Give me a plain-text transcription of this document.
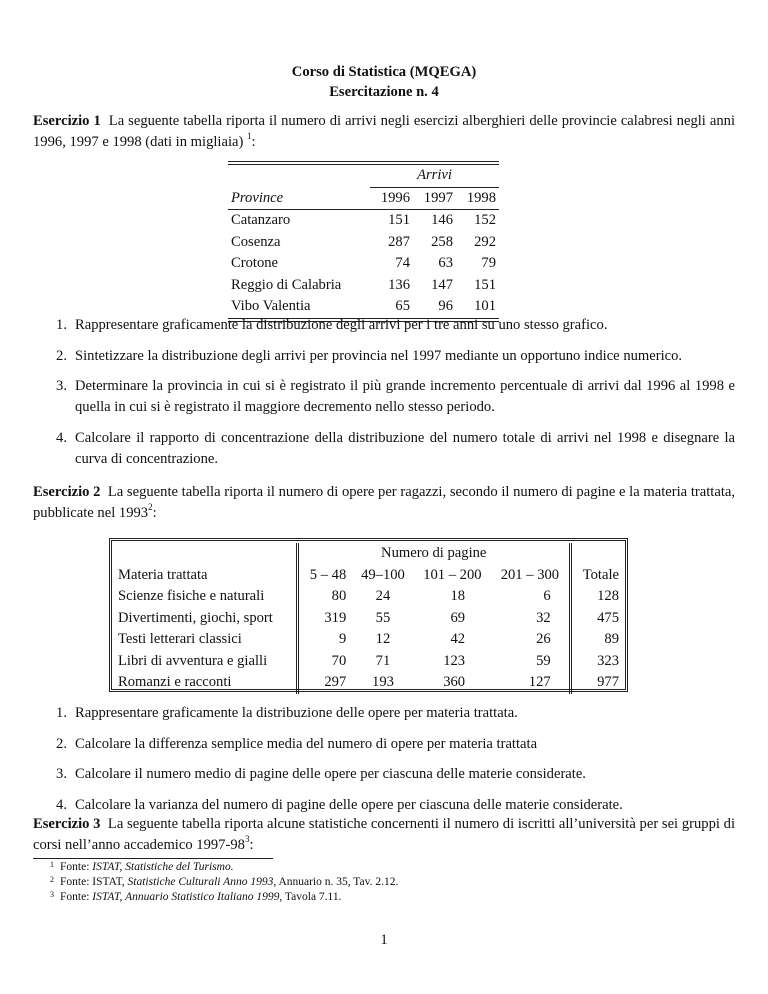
Corso di Statistica (MQEGA)
Esercitazione n. 4
Esercizio 1 La seguente tabella riporta il numero di arrivi negli esercizi alberghieri delle provincie calabresi negli anni 1996, 1997 e 1998 (dati in migliaia) $^1$:
	Arrivi		
Province	1996	1997	1998
Catanzaro	151	146	152
Cosenza	287	258	292
Crotone	74	63	79
Reggio di Calabria	136	147	151
Vibo Valentia	65	96	101
1. Rappresentare graficamente la distribuzione degli arrivi per i tre anni su uno stesso grafico.
2. Sintetizzare la distribuzione degli arrivi per provincia nel 1997 mediante un opportuno indice numerico.
3. Determinare la provincia in cui si è registrato il più grande incremento percentuale di arrivi dal 1996 al 1998 e quella in cui si è registrato il maggiore decremento nello stesso periodo.
4. Calcolare il rapporto di concentrazione della distribuzione del numero totale di arrivi nel 1998 e disegnare la curva di concentrazione.
Esercizio 2 La seguente tabella riporta il numero di opere per ragazzi, secondo il numero di pagine e la materia trattata, pubblicate nel 1993$^2$:
	Numero di pagine				
Materia trattata	5 – 48	49–100	101 – 200	201 – 300	Totale
Scienze fisiche e naturali	80	24	18	6	128
Divertimenti, giochi, sport	319	55	69	32	475
Testi letterari classici	9	12	42	26	89
Libri di avventura e gialli	70	71	123	59	323
Romanzi e racconti	297	193	360	127	977
1. Rappresentare graficamente la distribuzione delle opere per materia trattata.
2. Calcolare la differenza semplice media del numero di opere per materia trattata
3. Calcolare il numero medio di pagine delle opere per ciascuna delle materie considerate.
4. Calcolare la varianza del numero di pagine delle opere per ciascuna delle materie considerate.
Esercizio 3 La seguente tabella riporta alcune statistiche concernenti il numero di iscritti all’università per sei gruppi di corsi nell’anno accademico $1997-98^3$:
1 Fonte: ISTAT, Statistiche del Turismo.
2 Fonte: ISTAT, Statistiche Culturali Anno 1993, Annuario n. 35, Tav. 2.12.
3 Fonte: ISTAT, Annuario Statistico Italiano 1999, Tavola 7.11.
1
